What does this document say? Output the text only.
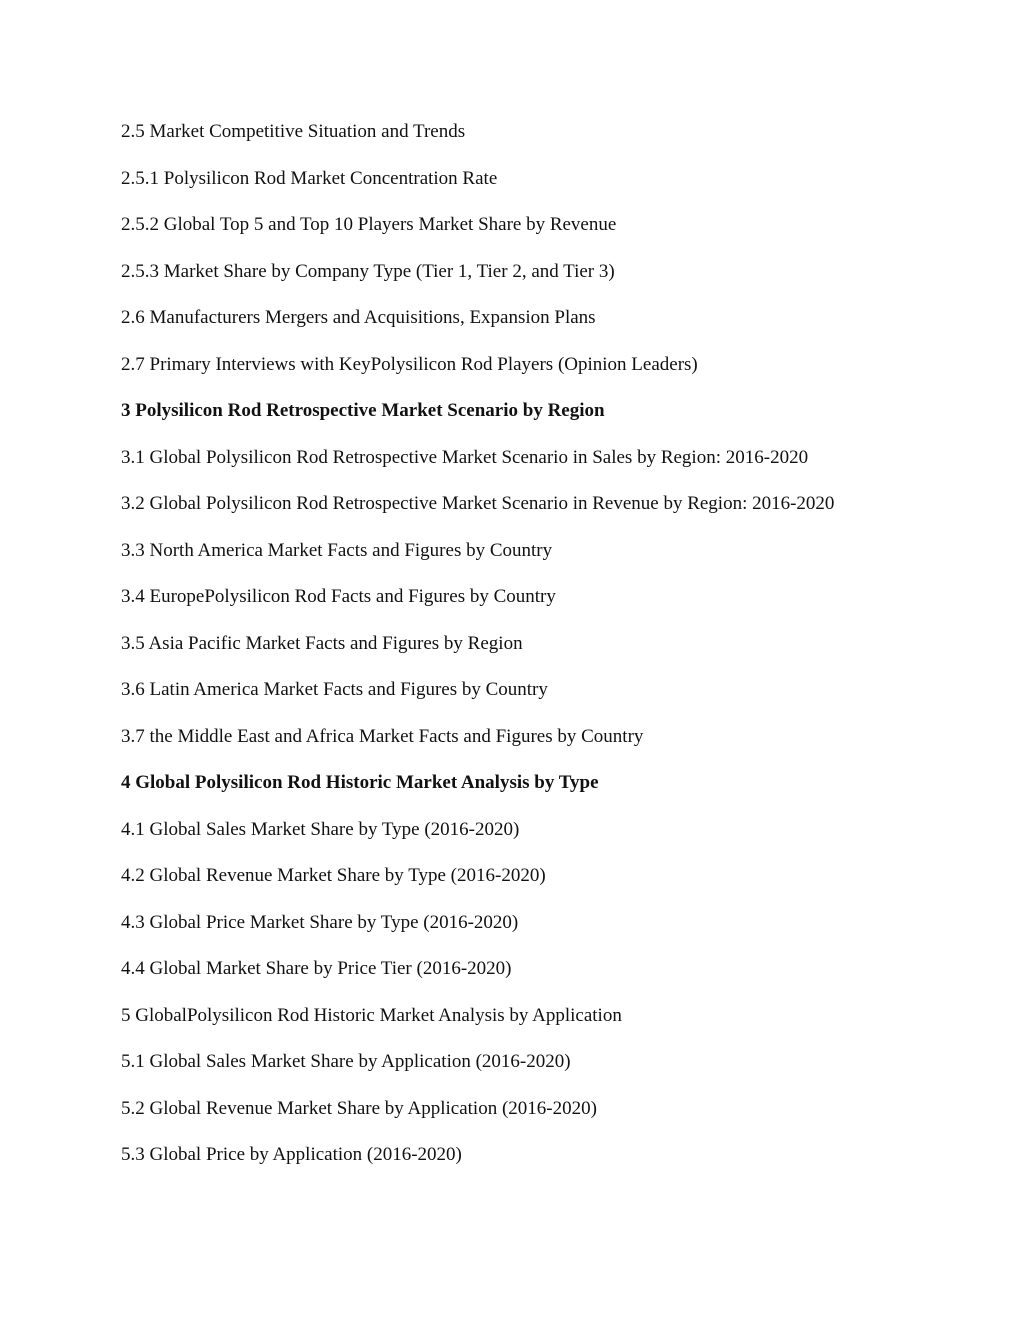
2.5 Market Competitive Situation and Trends
2.5.1 Polysilicon Rod Market Concentration Rate
2.5.2 Global Top 5 and Top 10 Players Market Share by Revenue
2.5.3 Market Share by Company Type (Tier 1, Tier 2, and Tier 3)
2.6 Manufacturers Mergers and Acquisitions, Expansion Plans
2.7 Primary Interviews with KeyPolysilicon Rod Players (Opinion Leaders)
3 Polysilicon Rod Retrospective Market Scenario by Region
3.1 Global Polysilicon Rod Retrospective Market Scenario in Sales by Region: 2016-2020
3.2 Global Polysilicon Rod Retrospective Market Scenario in Revenue by Region: 2016-2020
3.3 North America Market Facts and Figures by Country
3.4 EuropePolysilicon Rod Facts and Figures by Country
3.5 Asia Pacific Market Facts and Figures by Region
3.6 Latin America Market Facts and Figures by Country
3.7 the Middle East and Africa Market Facts and Figures by Country
4 Global Polysilicon Rod Historic Market Analysis by Type
4.1 Global Sales Market Share by Type (2016-2020)
4.2 Global Revenue Market Share by Type (2016-2020)
4.3 Global Price Market Share by Type (2016-2020)
4.4 Global Market Share by Price Tier (2016-2020)
5 GlobalPolysilicon Rod Historic Market Analysis by Application
5.1 Global Sales Market Share by Application (2016-2020)
5.2 Global Revenue Market Share by Application (2016-2020)
5.3 Global Price by Application (2016-2020)
